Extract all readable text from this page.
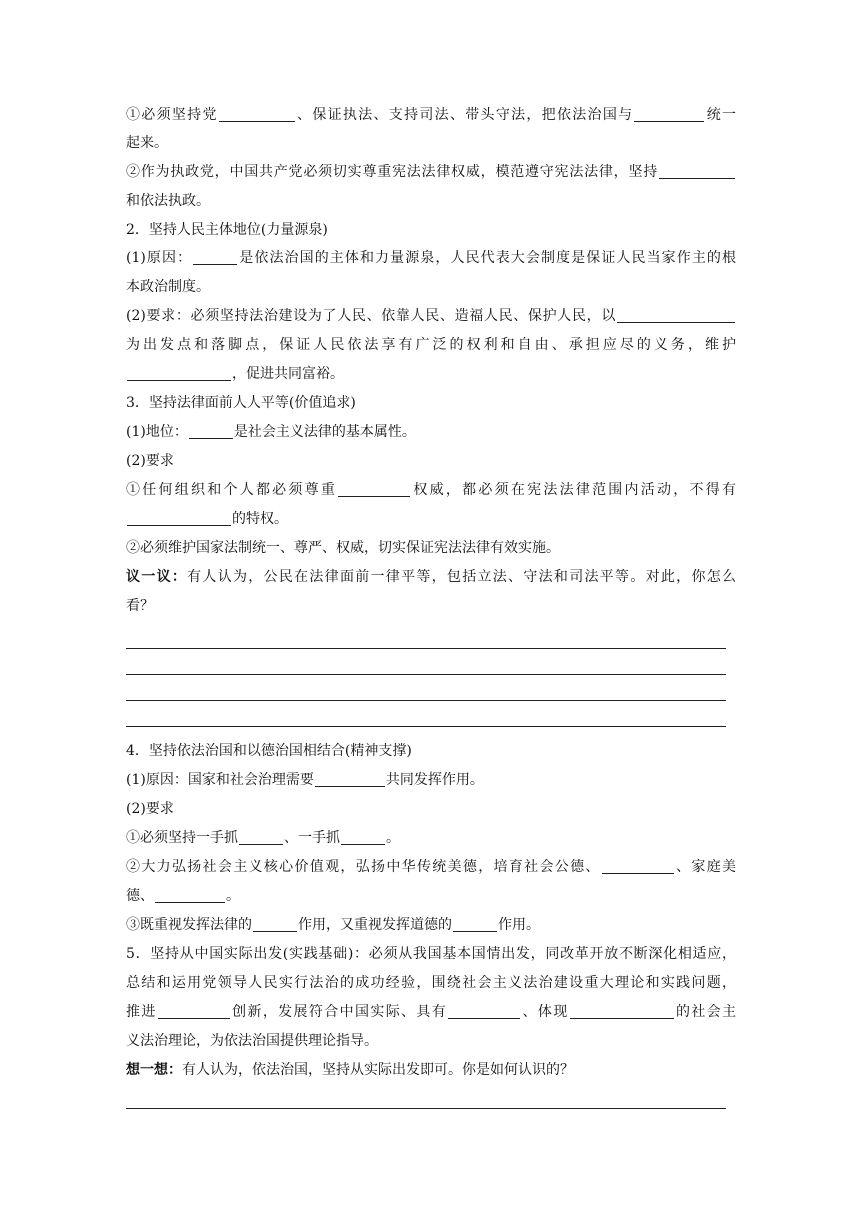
①必须坚持党	、保证执法、支持司法、带头守法，把依法治国与	统一
起来。
②作为执政党，中国共产党必须切实尊重宪法法律权威，模范遵守宪法法律，坚持
和依法执政。
2．坚持人民主体地位(力量源泉)
(1)原因：	是依法治国的主体和力量源泉，人民代表大会制度是保证人民当家作主的根
本政治制度。
(2)要求：必须坚持法治建设为了人民、依靠人民、造福人民、保护人民，以
为出发点和落脚点，保证人民依法享有广泛的权利和自由、承担应尽的义务，维护
，促进共同富裕。
3．坚持法律面前人人平等(价值追求)
(1)地位：	是社会主义法律的基本属性。
(2)要求
①任何组织和个人都必须尊重	权威，都必须在宪法法律范围内活动，不得有
的特权。
②必须维护国家法制统一、尊严、权威，切实保证宪法法律有效实施。
议一议：有人认为，公民在法律面前一律平等，包括立法、守法和司法平等。对此，你怎么
看？
4．坚持依法治国和以德治国相结合(精神支撑)
(1)原因：国家和社会治理需要	共同发挥作用。
(2)要求
①必须坚持一手抓	、一手抓	。
②大力弘扬社会主义核心价值观，弘扬中华传统美德，培育社会公德、	、家庭美
德、	。
③既重视发挥法律的	作用，又重视发挥道德的	作用。
5．坚持从中国实际出发(实践基础)：必须从我国基本国情出发，同改革开放不断深化相适应，
总结和运用党领导人民实行法治的成功经验，围绕社会主义法治建设重大理论和实践问题，
推进	创新，发展符合中国实际、具有	、体现	的社会主
义法治理论，为依法治国提供理论指导。
想一想：有人认为，依法治国，坚持从实际出发即可。你是如何认识的？
